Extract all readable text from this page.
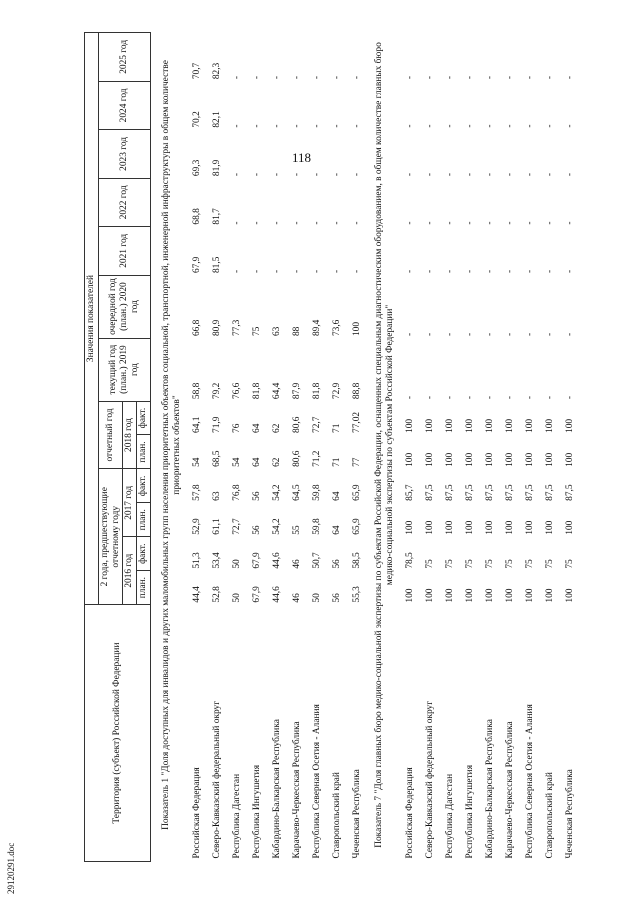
118
Территория (субъект) Российской Федерации	Значения показателей												
	2 года, предшествующие отчетному году				отчетный год		текущий год (план.) 2019 год	очередной год (план.) 2020 год	2021 год	2022 год	2023 год	2024 год	2025 год
	2016 год		2017 год		2018 год								
	план.	факт.	план.	факт.	план.	факт.							
Показатель 1 "Доля доступных для инвалидов и других маломобильных групп населения приоритетных объектов социальной, транспортной, инженерной инфраструктуры в общем количестве приоритетных объектов"													
Российская Федерация	44,4	51,3	52,9	57,8	54	64,1	58,8	66,8	67,9	68,8	69,3	70,2	70,7
Северо-Кавказский федеральный округ	52,8	53,4	61,1	63	68,5	71,9	79,2	80,9	81,5	81,7	81,9	82,1	82,3
Республика Дагестан	50	50	72,7	76,8	54	76	76,6	77,3	-	-	-	-	-
Республика Ингушетия	67,9	67,9	56	56	64	64	81,8	75	-	-	-	-	-
Кабардино-Балкарская Республика	44,6	44,6	54,2	54,2	62	62	64,4	63	-	-	-	-	-
Карачаево-Черкесская Республика	46	46	55	64,5	80,6	80,6	87,9	88	-	-	-	-	-
Республика Северная Осетия - Алания	50	50,7	59,8	59,8	71,2	72,7	81,8	89,4	-	-	-	-	-
Ставропольский край	56	56	64	64	71	71	72,9	73,6	-	-	-	-	-
Чеченская Республика	55,3	58,5	65,9	65,9	77	77,02	88,8	100	-	-	-	-	-
Показатель 7 "Доля главных бюро медико-социальной экспертизы по субъектам Российской Федерации, оснащенных специальным диагностическим оборудованием, в общем количестве главных бюро медико-социальной экспертизы по субъектам Российской Федерации"													
Российская Федерация	100	78,5	100	85,7	100	100	-	-	-	-	-	-	-
Северо-Кавказский федеральный округ	100	75	100	87,5	100	100	-	-	-	-	-	-	-
Республика Дагестан	100	75	100	87,5	100	100	-	-	-	-	-	-	-
Республика Ингушетия	100	75	100	87,5	100	100	-	-	-	-	-	-	-
Кабардино-Балкарская Республика	100	75	100	87,5	100	100	-	-	-	-	-	-	-
Карачаево-Черкесская Республика	100	75	100	87,5	100	100	-	-	-	-	-	-	-
Республика Северная Осетия - Алания	100	75	100	87,5	100	100	-	-	-	-	-	-	-
Ставропольский край	100	75	100	87,5	100	100	-	-	-	-	-	-	-
Чеченская Республика	100	75	100	87,5	100	100	-	-	-	-	-	-	-
29120291.doc
